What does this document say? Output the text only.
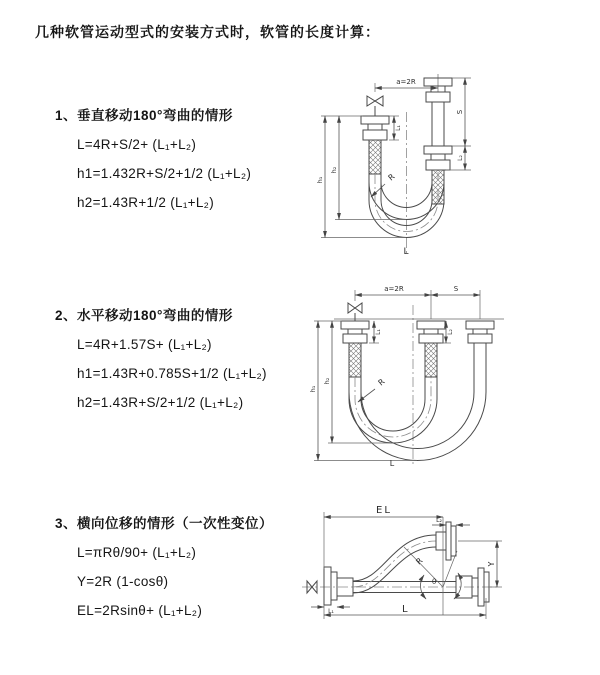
几种软管运动型式的安装方式时，软管的长度计算：
1、垂直移动180°弯曲的情形
L=4R+S/2+ (L₁+L₂)
h1=1.432R+S/2+1/2 (L₁+L₂)
h2=1.43R+1/2 (L₁+L₂)
2、水平移动180°弯曲的情形
L=4R+1.57S+ (L₁+L₂)
h1=1.43R+0.785S+1/2 (L₁+L₂)
h2=1.43R+S/2+1/2 (L₁+L₂)
3、横向位移的情形（一次性变位）
L=πRθ/90+ (L₁+L₂)
Y=2R (1-cosθ)
EL=2Rsinθ+ (L₁+L₂)
a=2R
h₁
h₂
L₁
S
L₂
R
L
a=2R	S
h₁
h₂
L₁	L₂
R
L
θ
EL
L₂
Y
L
L₁
R
